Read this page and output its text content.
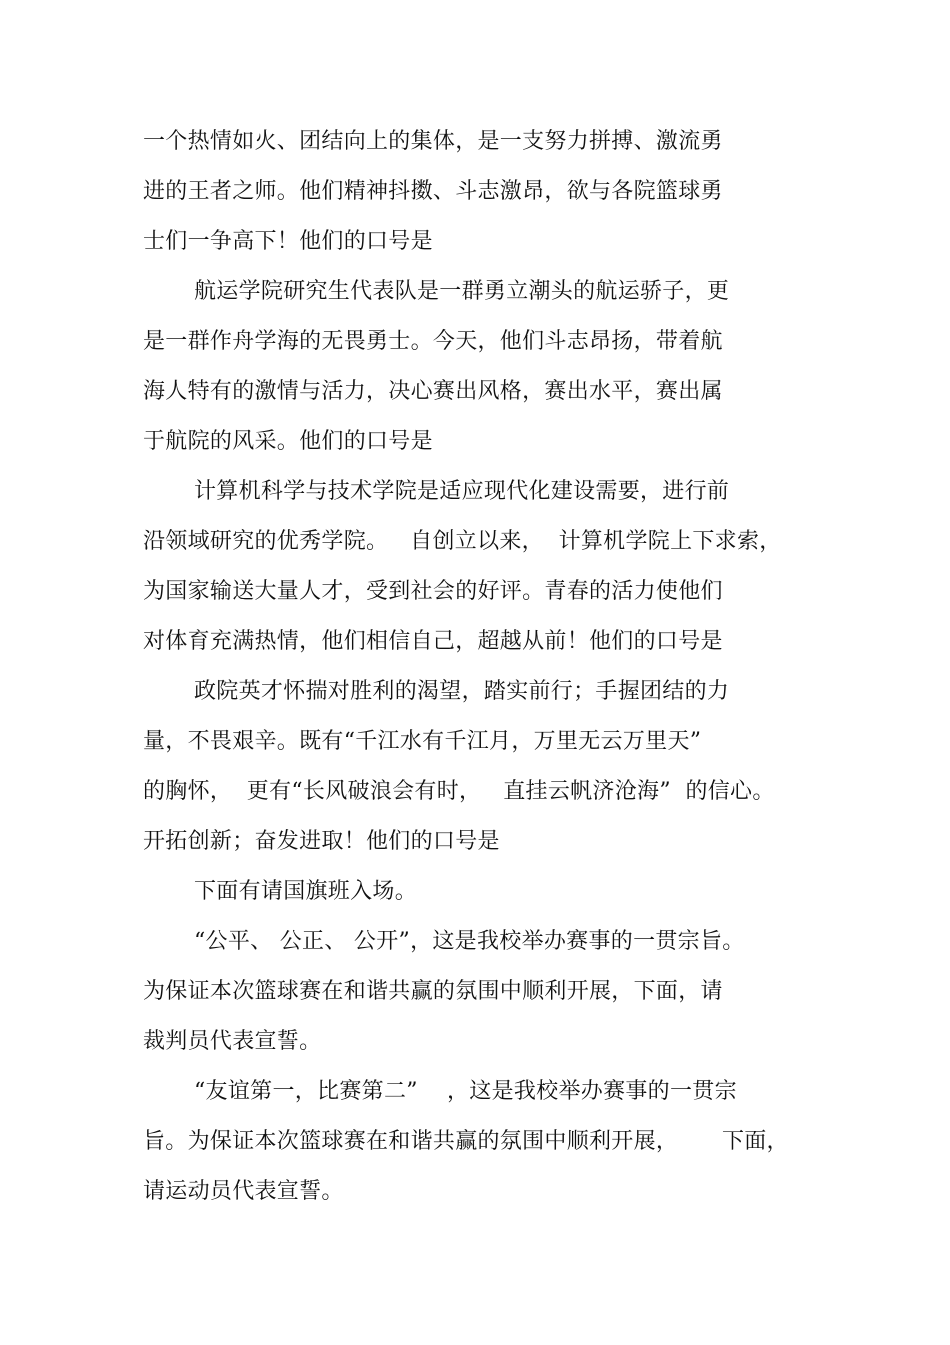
一个热情如火、团结向上的集体，是一支努力拼搏、激流勇
进的王者之师。他们精神抖擞、斗志激昂，欲与各院篮球勇
士们一争高下！他们的口号是
航运学院研究生代表队是一群勇立潮头的航运骄子，更
是一群作舟学海的无畏勇士。今天，他们斗志昂扬，带着航
海人特有的激情与活力，决心赛出风格，赛出水平，赛出属
于航院的风采。他们的口号是
计算机科学与技术学院是适应现代化建设需要，进行前
沿领域研究的优秀学院。   自创立以来，  计算机学院上下求索，
为国家输送大量人才，受到社会的好评。青春的活力使他们
对体育充满热情，他们相信自己，超越从前！他们的口号是
政院英才怀揣对胜利的渴望，踏实前行；手握团结的力
量，不畏艰辛。既有“千江水有千江月，万里无云万里天”
的胸怀，  更有“长风破浪会有时，   直挂云帆济沧海”  的信心。
开拓创新；奋发进取！他们的口号是
下面有请国旗班入场。
“公平、 公正、 公开”，这是我校举办赛事的一贯宗旨。
为保证本次篮球赛在和谐共赢的氛围中顺利开展，下面，请
裁判员代表宣誓。
“友谊第一，比赛第二”    ，这是我校举办赛事的一贯宗
旨。为保证本次篮球赛在和谐共赢的氛围中顺利开展，      下面，
请运动员代表宣誓。
